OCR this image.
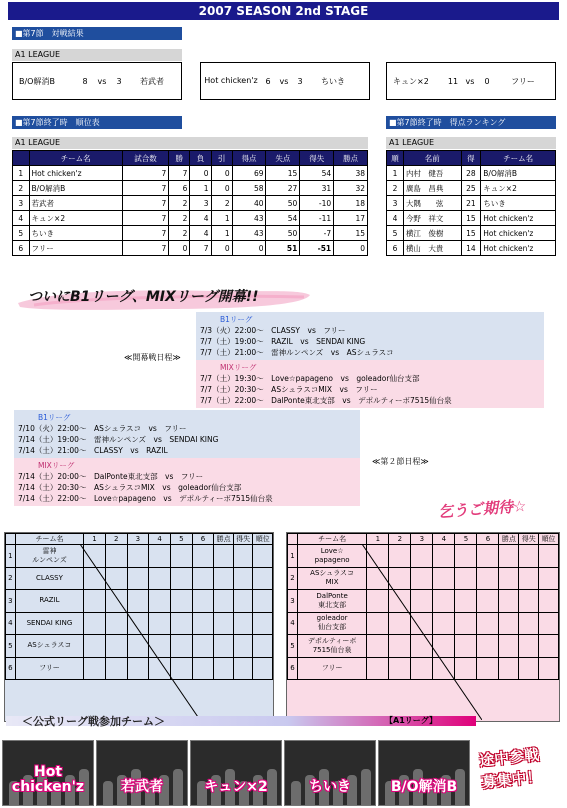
2007 SEASON 2nd STAGE
■第7節　対戦結果
A1 LEAGUE
B/O解消B	8	vs	3	若武者	Hot chicken'z 6	vs	3	ちいき	キュン×2	11 vs	0	フリー
■第7節終了時　順位表
A1 LEAGUE
	チーム名	試合数	勝	負	引	得点	失点	得失	勝点
1	Hot chicken'z	7	7	0	0	69	15	54	38
2	B/O解消B	7	6	1	0	58	27	31	32
3	若武者	7	2	3	2	40	50	-10	18
4	キュン×2	7	2	4	1	43	54	-11	17
5	ちいき	7	2	4	1	43	50	-7	15
6	フリー	7	0	7	0	0	51	-51	0
■第7節終了時　得点ランキング
A1 LEAGUE
順	名前	得	チーム名
1	内村　健吾	28	B/O解消B
2	廣島　昌典	25	キュン×2
3	大隅　　弦	21	ちいき
4	今野　祥文	15	Hot chicken'z
5	横江　俊樹	15	Hot chicken'z
6	横山　大貴	14	Hot chicken'z
ついにB1リーグ、MIXリーグ開幕!!
≪開幕戦日程≫
B1リーグ
7/3（火）22:00～　CLASSY　vs　フリー
7/7（土）19:00～　RAZIL　vs　SENDAI KING
7/7（土）21:00～　雷神ルンペンズ　vs　ASシュラスコ
MIXリーグ
7/7（土）19:30～　Love☆papageno　vs　goleador仙台支部
7/7（土）20:30～　ASシュラスコMIX　vs　フリー
7/7（土）22:00～　DalPonte東北支部　vs　デポルティーボ7515仙台泉
B1リーグ
7/10（火）22:00～　ASシュラスコ　vs　フリー
7/14（土）19:00～　雷神ルンペンズ　vs　SENDAI KING
7/14（土）21:00～　CLASSY　vs　RAZIL
MIXリーグ
7/14（土）20:00～　DalPonte東北支部　vs　フリー
7/14（土）20:30～　ASシュラスコMIX　vs　goleador仙台支部
7/14（土）22:00～　Love☆papageno　vs　デポルティーボ7515仙台泉
≪第２節日程≫
乞うご期待☆
	チーム名	1	2	3	4	5	6	勝点	得失	順位
1	雷神
ルンペンズ									
2	CLASSY									
3	RAZIL									
4	SENDAI KING									
5	ASシュラスコ									
6	フリー									
	チーム名	1	2	3	4	5	6	勝点	得失	順位
1	Love☆
papageno									
2	ASシュラスコ
MIX									
3	DalPonte
東北支部									
4	goleador
仙台支部									
5	デポルティーボ
7515仙台泉									
6	フリー									
＜公式リーグ戦参加チーム＞	【A1リーグ】
Hot
chicken'z	若武者	キュン×2	ちいき	B/O解消B
途中参戦
募集中！
